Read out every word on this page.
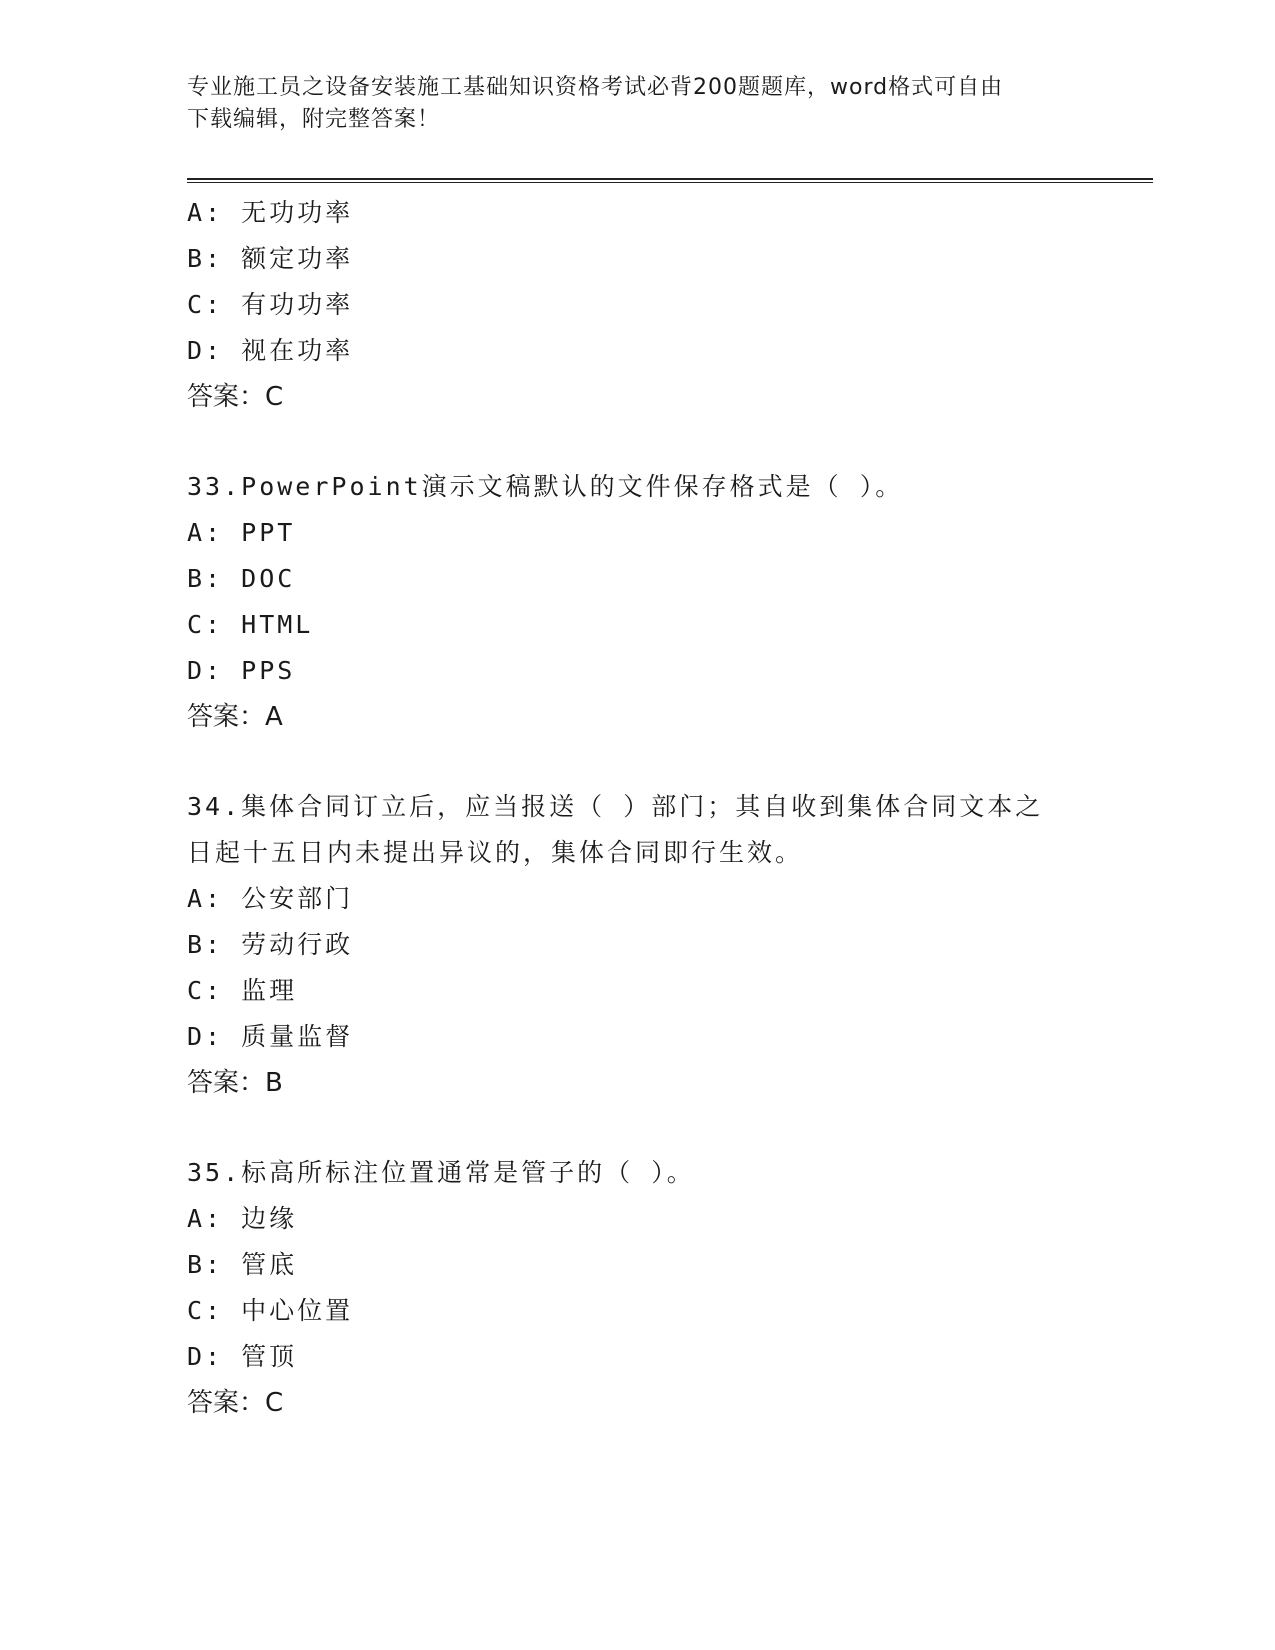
专业施工员之设备安装施工基础知识资格考试必背200题题库，word格式可自由
下载编辑，附完整答案！
A: 无功功率
B: 额定功率
C: 有功功率
D: 视在功率
答案：C
33.PowerPoint演示文稿默认的文件保存格式是（ ）。
A: PPT
B: DOC
C: HTML
D: PPS
答案：A
34.集体合同订立后，应当报送（ ）部门；其自收到集体合同文本之
日起十五日内未提出异议的，集体合同即行生效。
A: 公安部门
B: 劳动行政
C: 监理
D: 质量监督
答案：B
35.标高所标注位置通常是管子的（ ）。
A: 边缘
B: 管底
C: 中心位置
D: 管顶
答案：C
